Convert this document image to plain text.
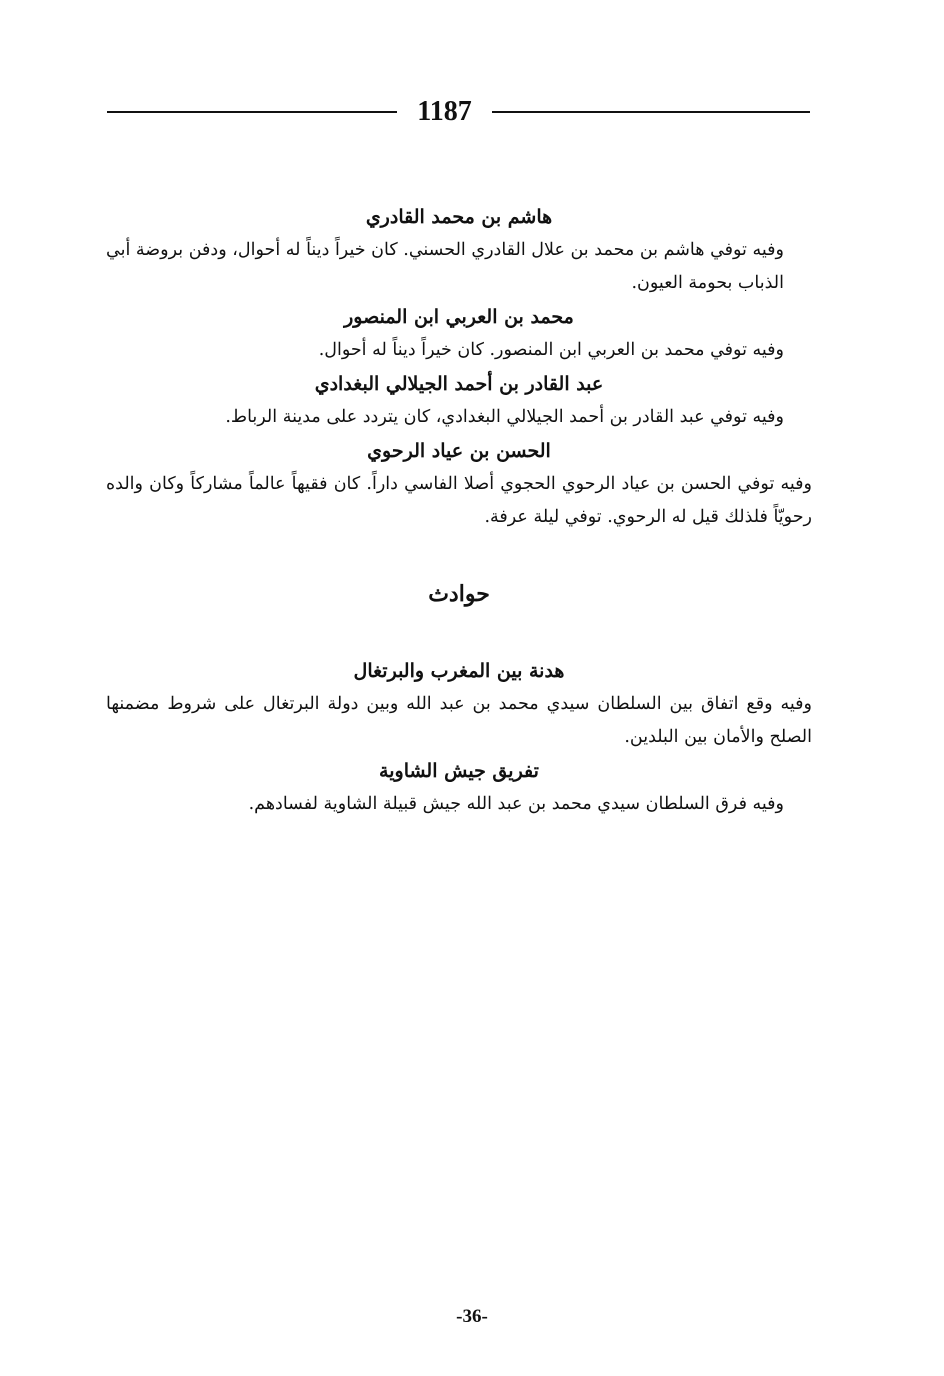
1187

هاشم بن محمد القادري

وفيه توفي هاشم بن محمد بن علال القادري الحسني. كان خيراً ديناً له أحوال، ودفن بروضة أبي الذباب بحومة العيون.

محمد بن العربي ابن المنصور

وفيه توفي محمد بن العربي ابن المنصور. كان خيراً ديناً له أحوال.

عبد القادر بن أحمد الجيلالي البغدادي

وفيه توفي عبد القادر بن أحمد الجيلالي البغدادي، كان يتردد على مدينة الرباط.

الحسن بن عياد الرحوي

وفيه توفي الحسن بن عياد الرحوي الحجوي أصلا الفاسي داراً. كان فقيهاً عالماً مشاركاً وكان والده رحويّاً فلذلك قيل له الرحوي. توفي ليلة عرفة.

حوادث

هدنة بين المغرب والبرتغال

وفيه وقع اتفاق بين السلطان سيدي محمد بن عبد الله وبين دولة البرتغال على شروط مضمنها الصلح والأمان بين البلدين.

تفريق جيش الشاوية

وفيه فرق السلطان سيدي محمد بن عبد الله جيش قبيلة الشاوية لفسادهم.

-36-
